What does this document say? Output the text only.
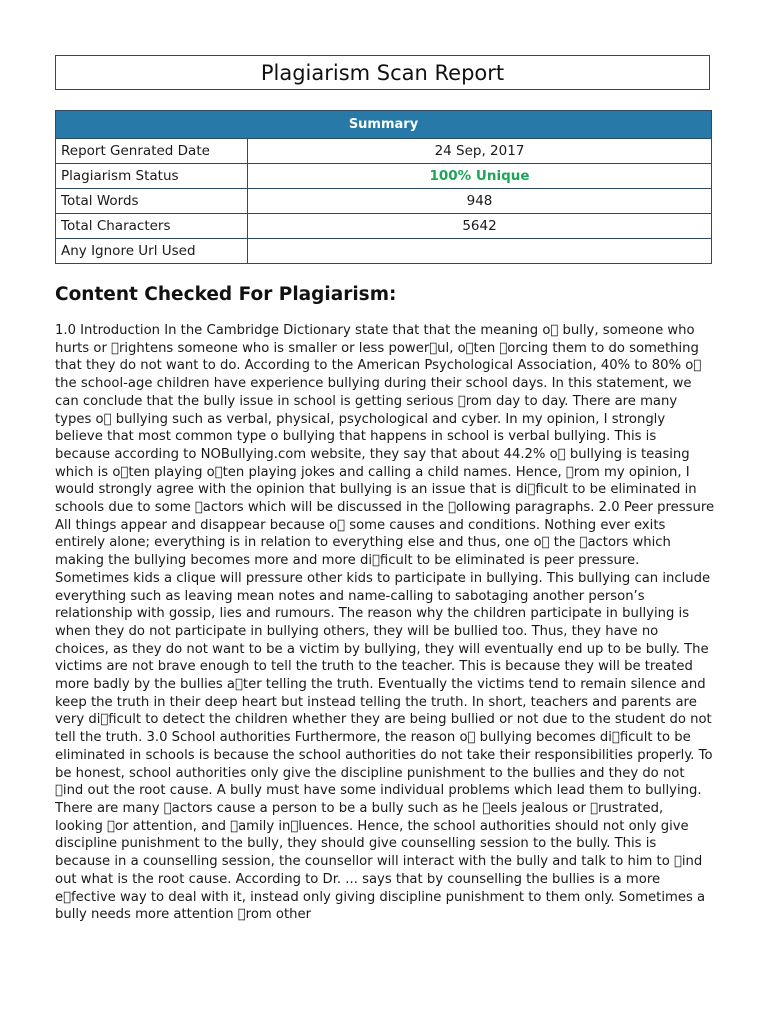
Plagiarism Scan Report
Summary	
Report Genrated Date	24 Sep, 2017
Plagiarism Status	100% Unique
Total Words	948
Total Characters	5642
Any Ignore Url Used	
Content Checked For Plagiarism:
1.0 Introduction In the Cambridge Dictionary state that that the meaning o  bully, someone who hurts or  rightens someone who is smaller or less power ul, o ten  orcing them to do something that they do not want to do. According to the American Psychological Association, 40% to 80% o  the school-age children have experience bullying during their school days. In this statement, we can conclude that the bully issue in school is getting serious  rom day to day. There are many types o  bullying such as verbal, physical, psychological and cyber. In my opinion, I strongly believe that most common type o bullying that happens in school is verbal bullying. This is because according to NOBullying.com website, they say that about 44.2% o  bullying is teasing which is o ten playing o ten playing jokes and calling a child names. Hence,  rom my opinion, I would strongly agree with the opinion that bullying is an issue that is di ficult to be eliminated in schools due to some  actors which will be discussed in the  ollowing paragraphs. 2.0 Peer pressure All things appear and disappear because o  some causes and conditions. Nothing ever exits entirely alone; everything is in relation to everything else and thus, one o  the  actors which making the bullying becomes more and more di ficult to be eliminated is peer pressure. Sometimes kids a clique will pressure other kids to participate in bullying. This bullying can include everything such as leaving mean notes and name-calling to sabotaging another person’s relationship with gossip, lies and rumours. The reason why the children participate in bullying is when they do not participate in bullying others, they will be bullied too. Thus, they have no choices, as they do not want to be a victim by bullying, they will eventually end up to be bully. The victims are not brave enough to tell the truth to the teacher. This is because they will be treated more badly by the bullies a ter telling the truth. Eventually the victims tend to remain silence and keep the truth in their deep heart but instead telling the truth. In short, teachers and parents are very di ficult to detect the children whether they are being bullied or not due to the student do not tell the truth. 3.0 School authorities Furthermore, the reason o  bullying becomes di ficult to be eliminated in schools is because the school authorities do not take their responsibilities properly. To be honest, school authorities only give the discipline punishment to the bullies and they do not  ind out the root cause. A bully must have some individual problems which lead them to bullying. There are many  actors cause a person to be a bully such as he  eels jealous or  rustrated, looking  or attention, and  amily in luences. Hence, the school authorities should not only give discipline punishment to the bully, they should give counselling session to the bully. This is because in a counselling session, the counsellor will interact with the bully and talk to him to  ind out what is the root cause. According to Dr. ... says that by counselling the bullies is a more e fective way to deal with it, instead only giving discipline punishment to them only. Sometimes a bully needs more attention  rom other
